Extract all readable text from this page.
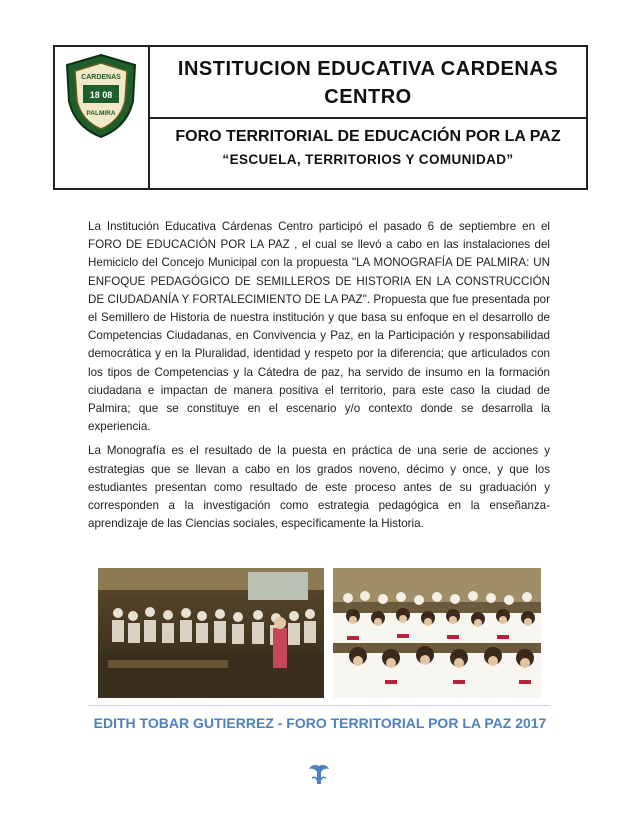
CARDENAS
18 08
PALMIRA
INSTITUCION EDUCATIVA CARDENAS CENTRO
FORO TERRITORIAL DE EDUCACIÓN POR LA PAZ
“ESCUELA, TERRITORIOS Y COMUNIDAD”

La Institución Educativa Cárdenas Centro participó el pasado 6 de septiembre en el FORO DE EDUCACIÓN POR LA PAZ , el cual se llevó a cabo en las instalaciones del Hemiciclo del Concejo Municipal con la propuesta "LA MONOGRAFÍA DE PALMIRA: UN ENFOQUE PEDAGÓGICO DE SEMILLEROS DE HISTORIA EN LA CONSTRUCCIÓN DE CIUDADANÍA Y FORTALECIMIENTO DE LA PAZ". Propuesta que fue presentada por el Semillero de Historia de nuestra institución y que basa su enfoque en el desarrollo de Competencias Ciudadanas, en Convivencia y Paz, en la Participación y responsabilidad democrática y en la Pluralidad, identidad y respeto por la diferencia; que articulados con los tipos de Competencias y la Cátedra de paz, ha servido de insumo en la formación ciudadana e impactan de manera positiva el territorio, para este caso la ciudad de Palmira; que se constituye en el escenario y/o contexto donde se desarrolla la experiencia.

La Monografía es el resultado de la puesta en práctica de una serie de acciones y estrategias que se llevan a cabo en los grados noveno, décimo y once, y que los estudiantes presentan como resultado de este proceso antes de su graduación y corresponden a la investigación como estrategia pedagógica en la enseñanza-aprendizaje de las Ciencias sociales, específicamente la Historia.

EDITH TOBAR GUTIERREZ - FORO TERRITORIAL POR LA PAZ 2017
